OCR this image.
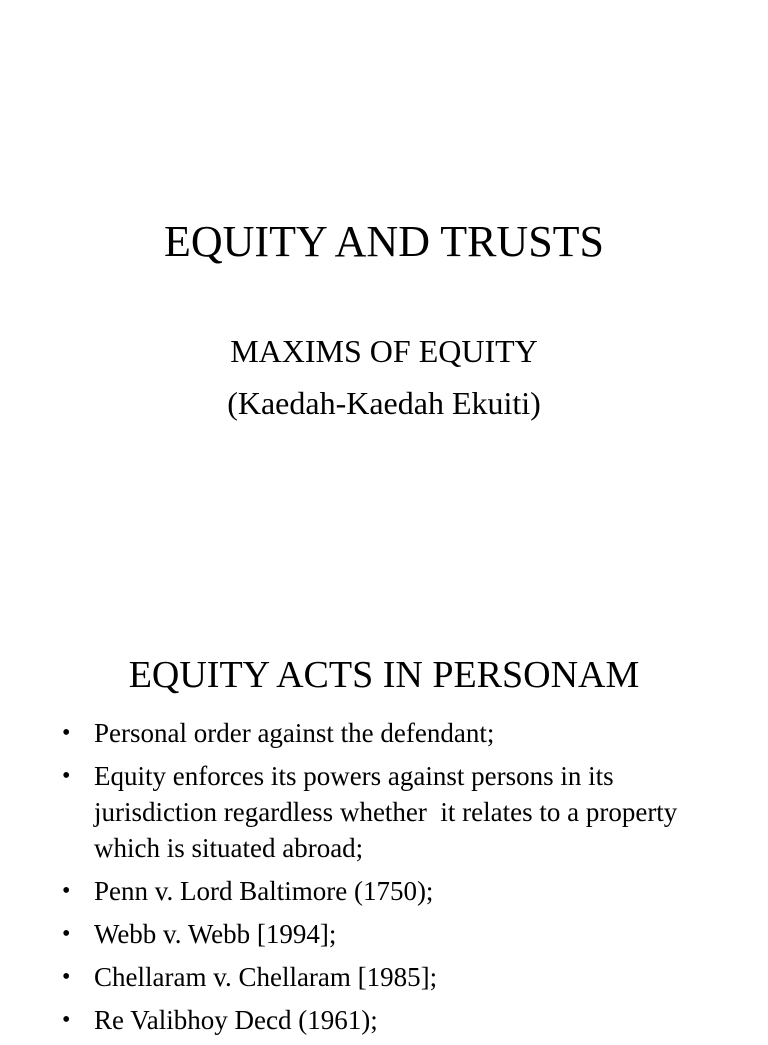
EQUITY AND TRUSTS

MAXIMS OF EQUITY

(Kaedah-Kaedah Ekuiti)

EQUITY ACTS IN PERSONAM
• Personal order against the defendant;
• Equity enforces its powers against persons in its jurisdiction regardless whether  it relates to a property which is situated abroad;
• Penn v. Lord Baltimore (1750);
• Webb v. Webb [1994];
• Chellaram v. Chellaram [1985];
• Re Valibhoy Decd (1961);
